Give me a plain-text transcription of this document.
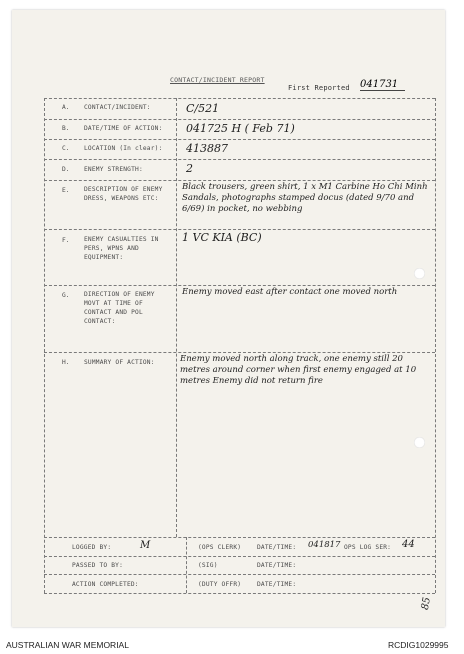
CONTACT/INCIDENT REPORT
First Reported 041731
A. CONTACT/INCIDENT:	C/521
B. DATE/TIME OF ACTION: 041725 H ( Feb 71)
C. LOCATION (In clear): 413887
D. ENEMY STRENGTH:	2
E. DESCRIPTION OF ENEMY DRESS, WEAPONS ETC:
Black trousers, green shirt, 1 x M1 Carbine Ho Chi Minh Sandals, photographs stamped docus (dated 9/70 and 6/69) in pocket, no webbing
F. ENEMY CASUALTIES IN PERS, WPNS AND EQUIPMENT:
1 VC KIA (BC)
G. DIRECTION OF ENEMY MOVT AT TIME OF CONTACT AND POL CONTACT:
Enemy moved east after contact one moved north
H. SUMMARY OF ACTION:	Enemy moved north along track, one enemy still 20 metres around corner when first enemy engaged at 10 metres Enemy did not return fire
LOGGED BY:	M	(OPS CLERK)	DATE/TIME: 041817 OPS LOG SER: 44
PASSED TO BY:	(SIG)	DATE/TIME:
ACTION COMPLETED:	(DUTY OFFR)	DATE/TIME:
85
AUSTRALIAN WAR MEMORIAL	RCDIG1029995
